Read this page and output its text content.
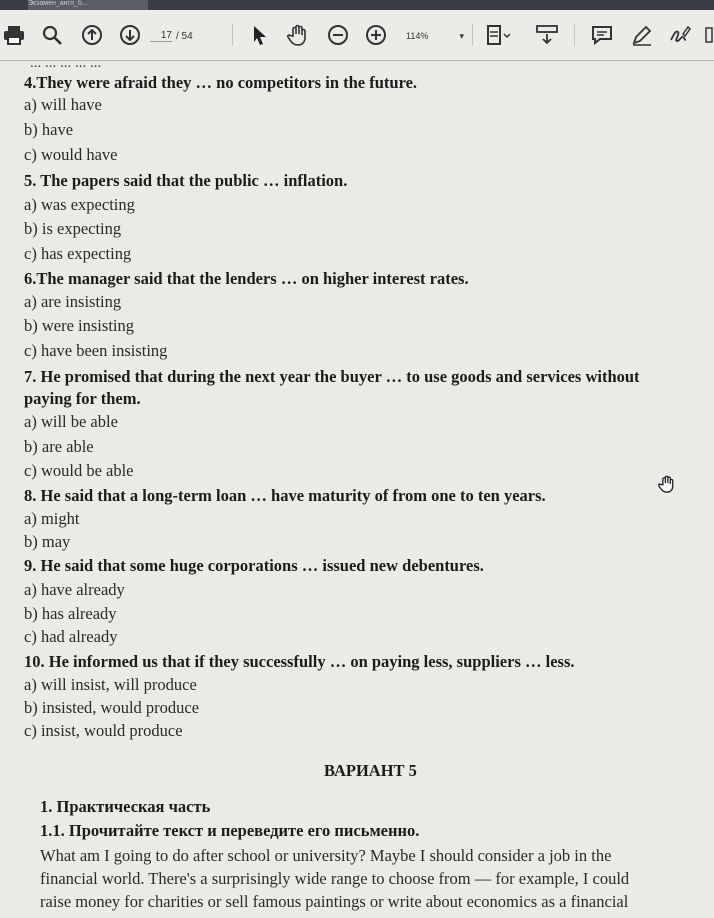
Экзамен_англ_б...
17 / 54	114%	▾
... ... ... ... ...
4.They were afraid they … no competitors in the future.
a) will have
b) have
c) would have
5. The papers said that the public … inflation.
a) was expecting
b) is expecting
c) has expecting
6.The manager said that the lenders … on higher interest rates.
a) are insisting
b) were insisting
c) have been insisting
7. He promised that during the next year the buyer … to use goods and services without
paying for them.
a) will be able
b) are able
c) would be able
8. He said that a long-term loan … have maturity of from one to ten years.
a) might
b) may
9. He said that some huge corporations … issued new debentures.
a) have already
b) has already
c) had already
10. He informed us that if they successfully … on paying less, suppliers … less.
a) will insist, will produce
b) insisted, would produce
c) insist, would produce
ВАРИАНТ 5
1. Практическая часть
1.1. Прочитайте текст и переведите его письменно.
What am I going to do after school or university? Maybe I should consider a job in the
financial world. There's a surprisingly wide range to choose from — for example, I could
raise money for charities or sell famous paintings or write about economics as a financial
